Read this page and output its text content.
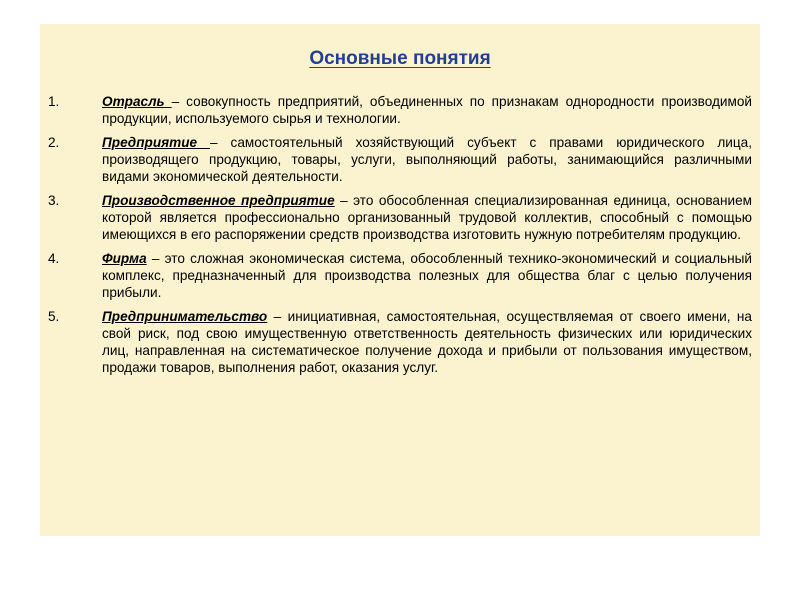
Основные понятия
1.	Отрасль – совокупность предприятий, объединенных по признакам однородности производимой продукции, используемого сырья и технологии.
2.	Предприятие – самостоятельный хозяйствующий субъект с правами юридического лица, производящего продукцию, товары, услуги, выполняющий работы, занимающийся различными видами экономической деятельности.
3.	Производственное предприятие – это обособленная специализированная единица, основанием которой является профессионально организованный трудовой коллектив, способный с помощью имеющихся в его распоряжении средств производства изготовить нужную потребителям продукцию.
4.	Фирма – это сложная экономическая система, обособленный технико-экономический и социальный комплекс, предназначенный для производства полезных для общества благ с целью получения прибыли.
5.	Предпринимательство – инициативная, самостоятельная, осуществляемая от своего имени, на свой риск, под свою имущественную ответственность деятельность физических или юридических лиц, направленная на систематическое получение дохода и прибыли от пользования имуществом, продажи товаров, выполнения работ, оказания услуг.
